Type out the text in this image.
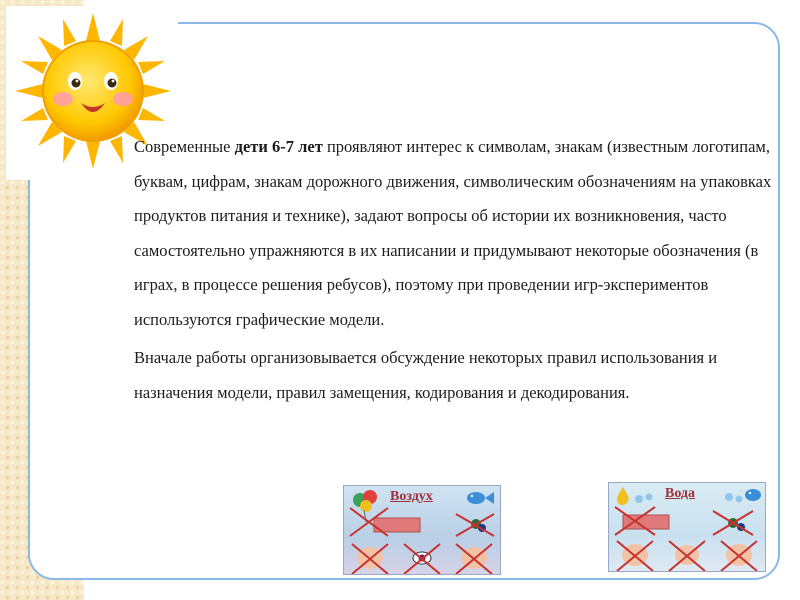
Современные дети 6-7 лет проявляют интерес к символам, знакам (известным логотипам, буквам, цифрам, знакам дорожного движения, символическим обозначениям на упаковках продуктов питания и технике), задают вопросы об истории их возникновения, часто самостоятельно упражняются в их написании и придумывают некоторые обозначения (в играх, в процессе решения ребусов), поэтому при проведении игр-экспериментов используются графические модели.

Вначале работы организовывается обсуждение некоторых правил использования и назначения модели, правил замещения, кодирования и декодирования.

Воздух	Вода
